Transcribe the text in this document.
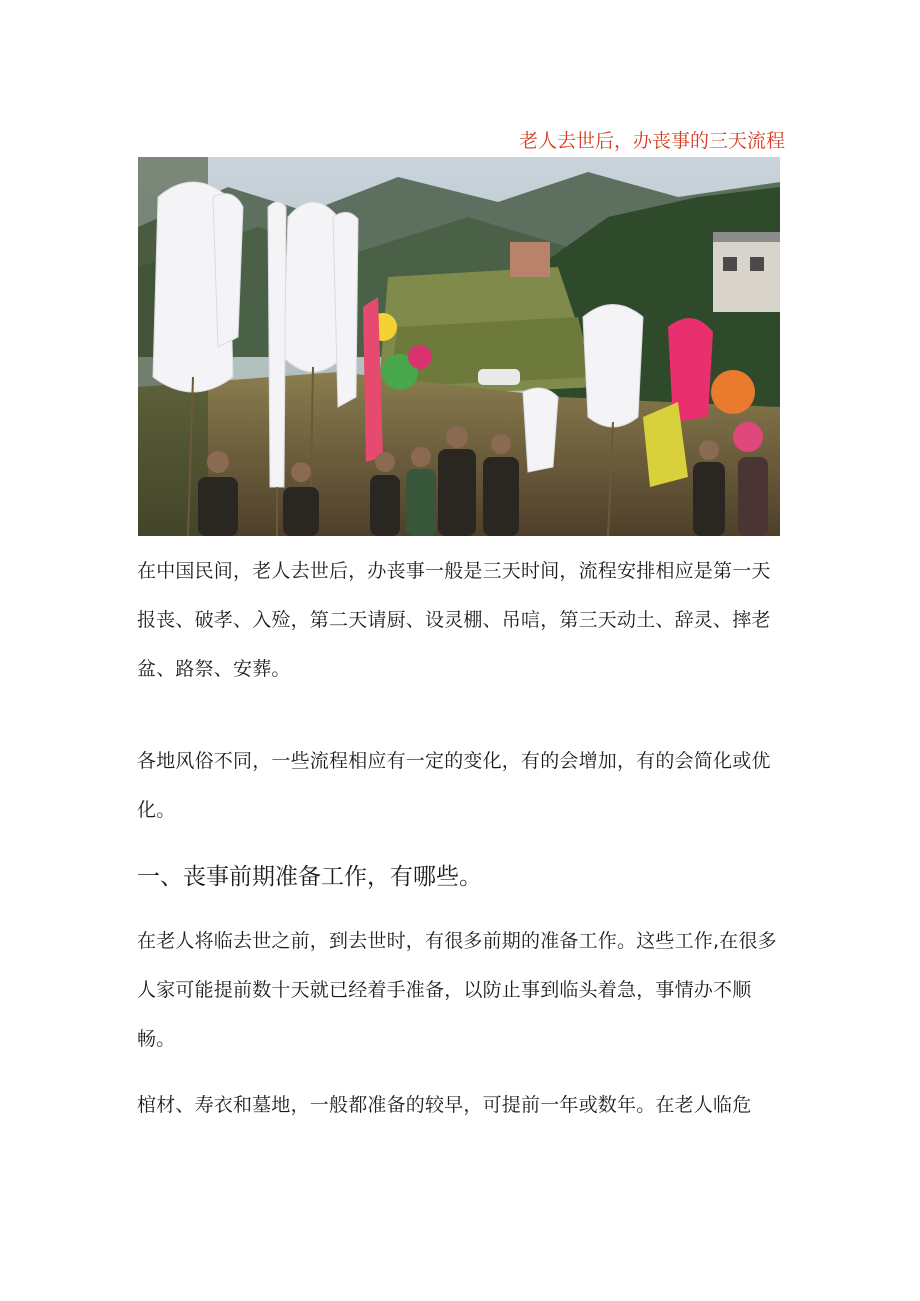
老人去世后，办丧事的三天流程

在中国民间，老人去世后，办丧事一般是三天时间，流程安排相应是第一天报丧、破孝、入殓，第二天请厨、设灵棚、吊唁，第三天动土、辞灵、摔老盆、路祭、安葬。

各地风俗不同，一些流程相应有一定的变化，有的会增加，有的会简化或优化。

一、丧事前期准备工作，有哪些。

在老人将临去世之前，到去世时，有很多前期的准备工作。这些工作,在很多人家可能提前数十天就已经着手准备，以防止事到临头着急，事情办不顺畅。

棺材、寿衣和墓地，一般都准备的较早，可提前一年或数年。在老人临危
